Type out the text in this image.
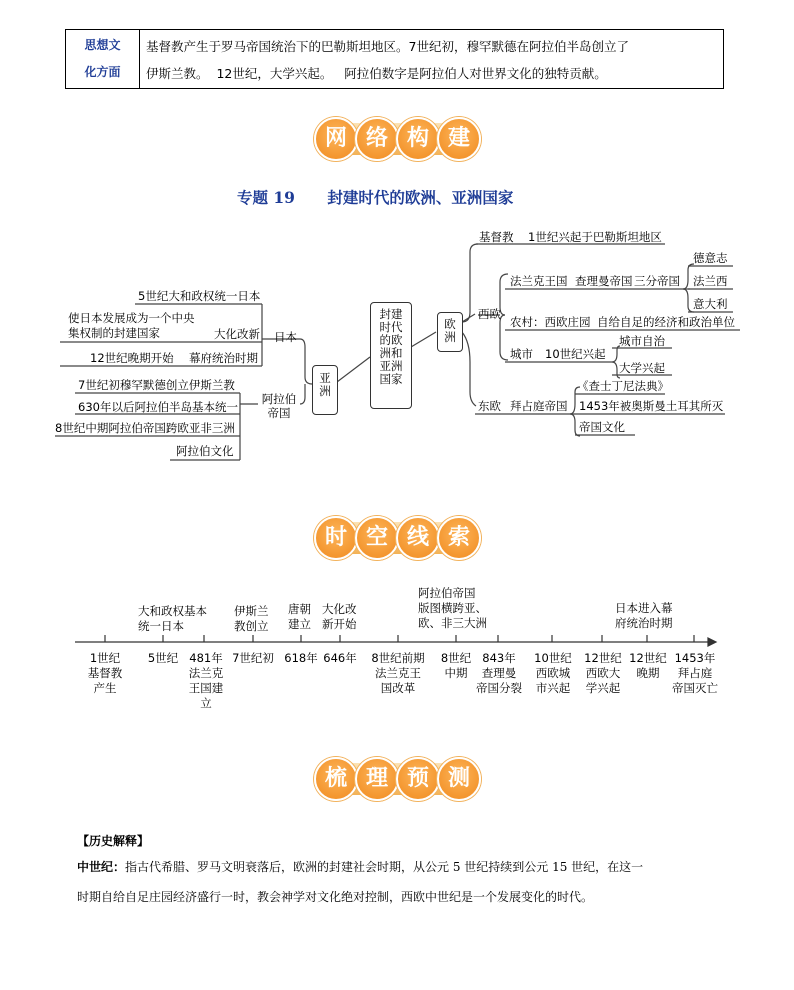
思想文
化方面
基督教产生于罗马帝国统治下的巴勒斯坦地区。7世纪初，穆罕默德在阿拉伯半岛创立了
伊斯兰教。  12世纪，大学兴起。   阿拉伯数字是阿拉伯人对世界文化的独特贡献。
网 络 构 建
专题 19      封建时代的欧洲、亚洲国家
5世纪大和政权统一日本
使日本发展成为一个中央
集权制的封建国家	大化改新 日本
12世纪晚期开始 幕府统治时期
7世纪初穆罕默德创立伊斯兰教
630年以后阿拉伯半岛基本统一
8世纪中期阿拉伯帝国跨欧亚非三洲
阿拉伯文化
阿拉伯帝国
亚洲
封建时代的欧洲和亚洲国家
欧洲
基督教 1世纪兴起于巴勒斯坦地区
西欧
法兰克王国 查理曼帝国 三分帝国
德意志
法兰西
意大利
农村：西欧庄园 自给自足的经济和政治单位
城市 10世纪兴起
城市自治
大学兴起
东欧 拜占庭帝国
《查士丁尼法典》
1453年被奥斯曼土耳其所灭
帝国文化
时 空 线 索
1世纪
基督教
产生
5世纪 481年
法兰克
王国建
立
7世纪初 618年 646年	8世纪前期
法兰克王
国改革
8世纪
中期
843年
查理曼
帝国分裂
10世纪
西欧城
市兴起
12世纪
西欧大
学兴起
12世纪
晚期
1453年
拜占庭
帝国灭亡
大和政权基本
统一日本
伊斯兰
教创立
唐朝
建立
大化改
新开始
阿拉伯帝国
版图横跨亚、
欧、非三大洲
日本进入幕
府统治时期
梳 理 预 测
【历史解释】
中世纪：指古代希腊、罗马文明衰落后，欧洲的封建社会时期，从公元 5 世纪持续到公元 15 世纪，在这一
时期自给自足庄园经济盛行一时，教会神学对文化绝对控制，西欧中世纪是一个发展变化的时代。
